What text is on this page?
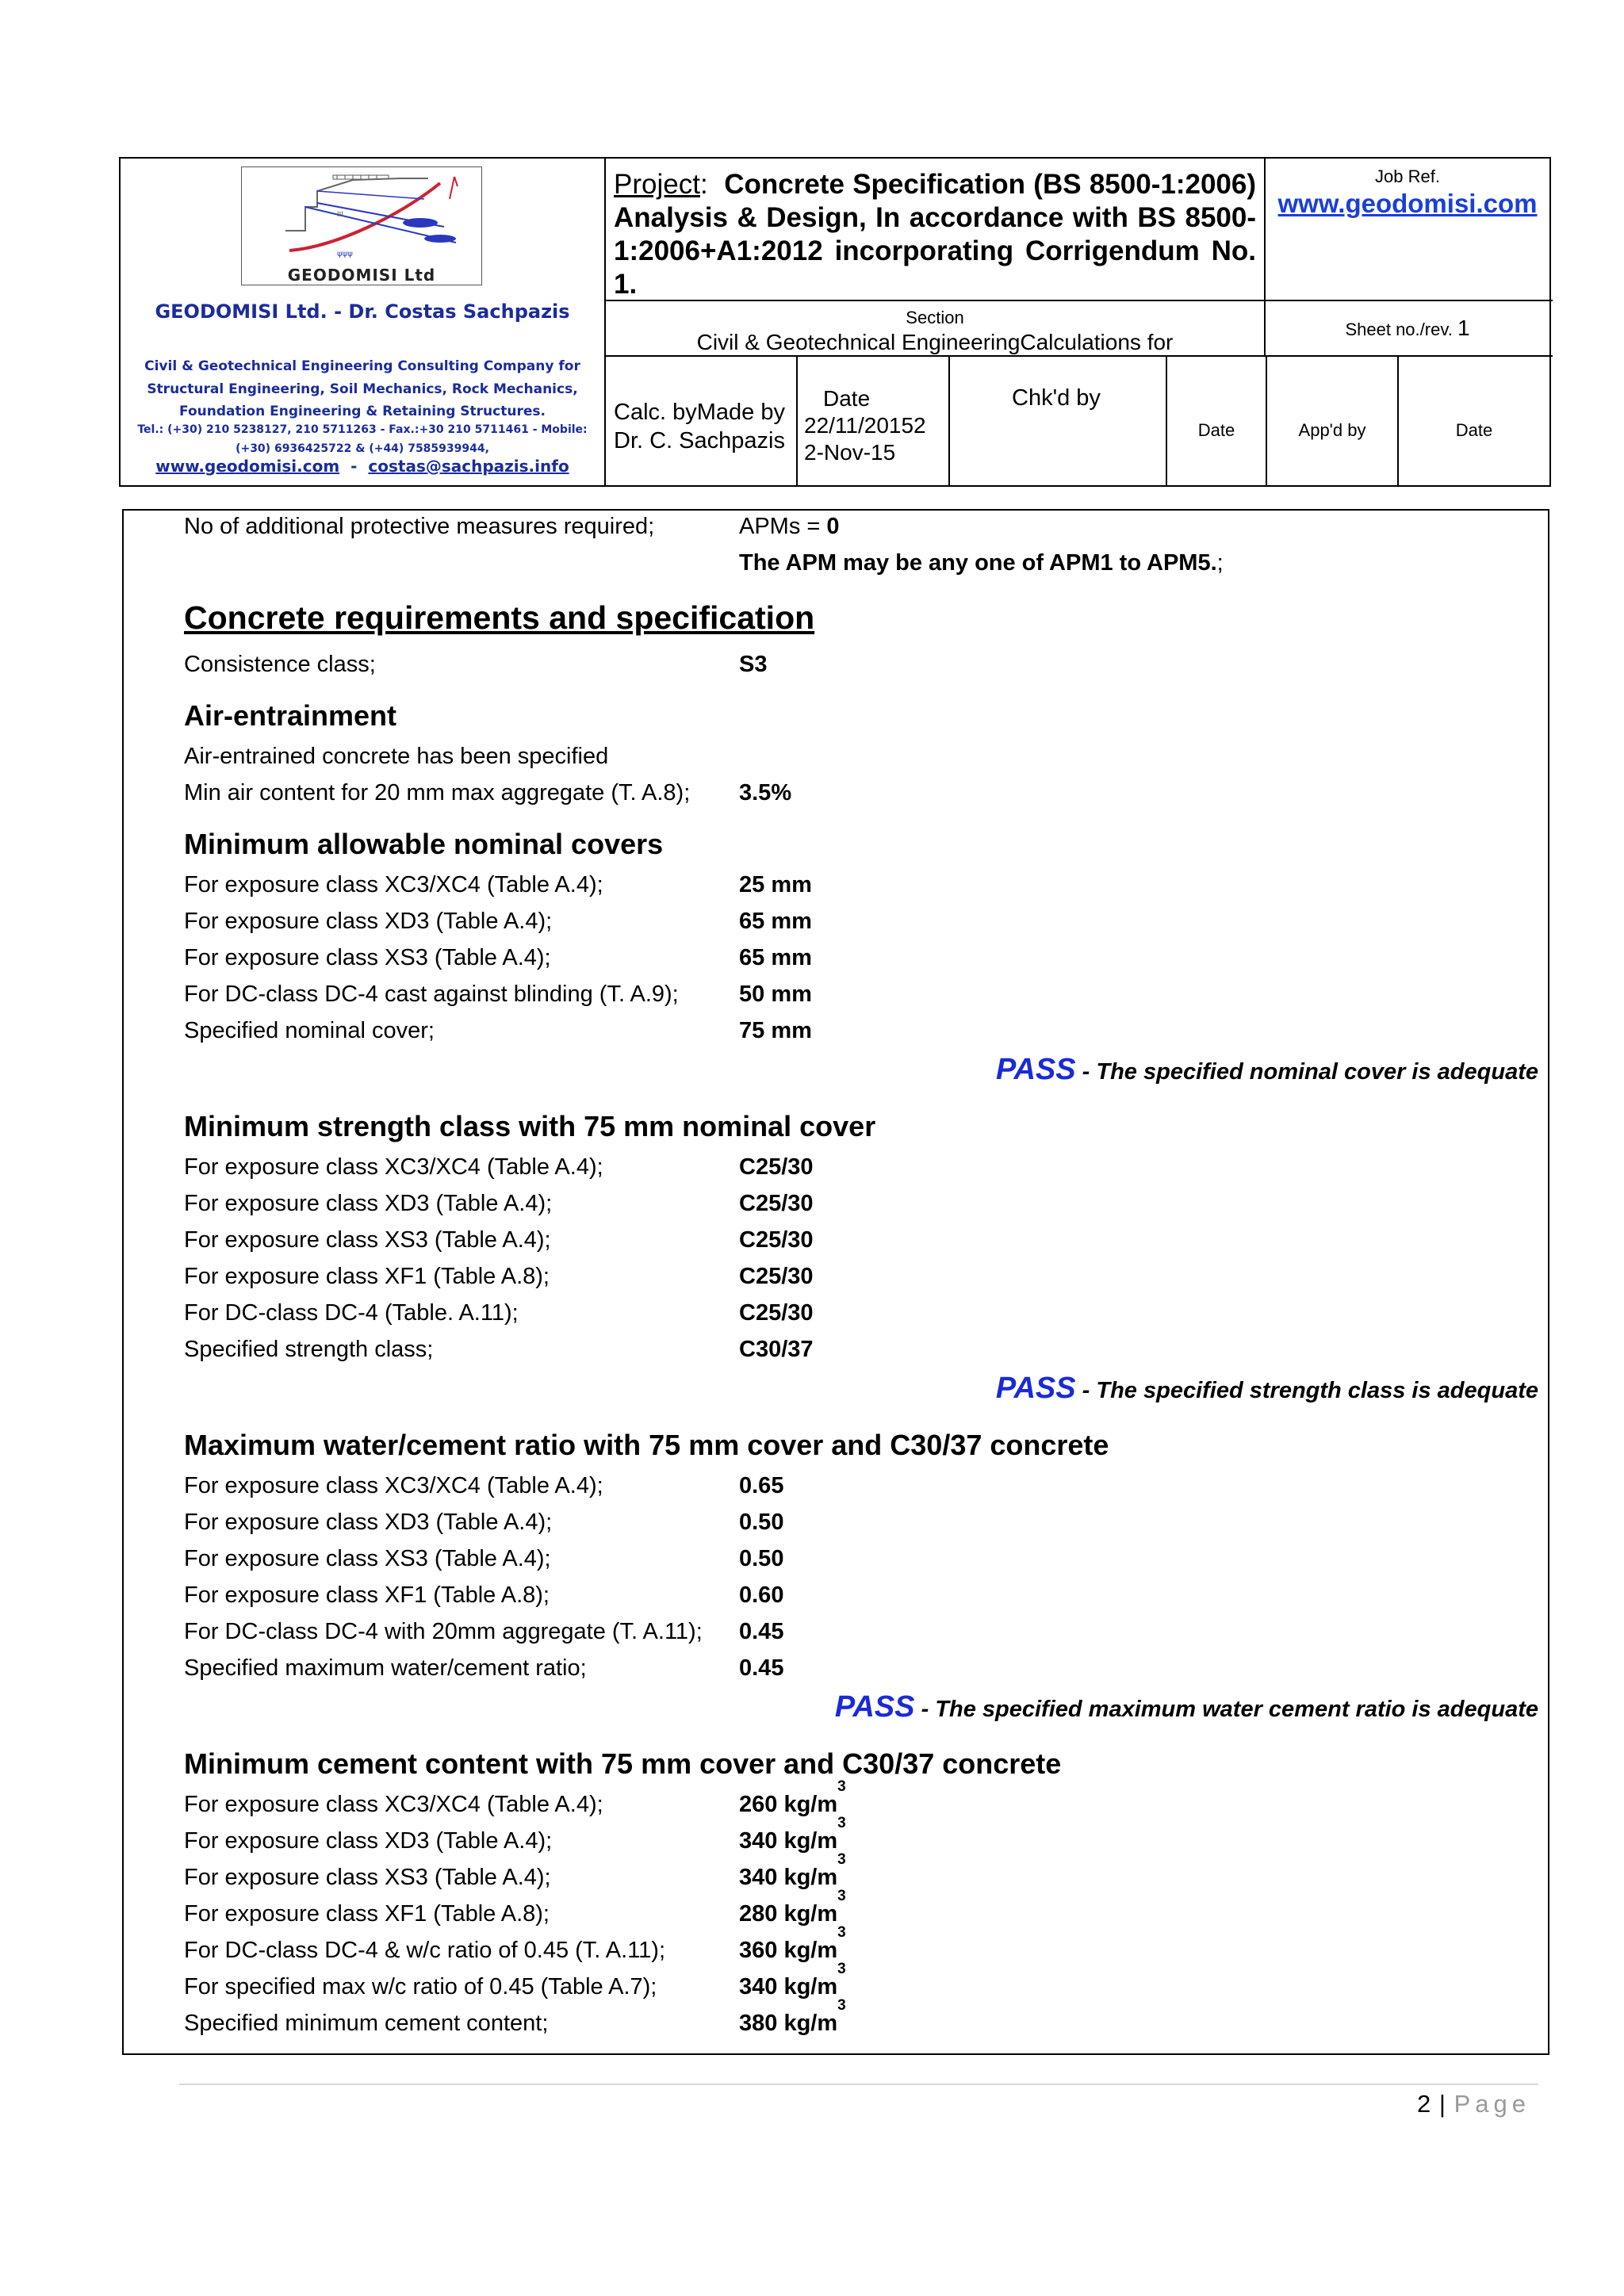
III
ψψψ
GEODOMISI Ltd
GEODOMISI Ltd. - Dr. Costas Sachpazis
Civil & Geotechnical Engineering Consulting Company for Structural Engineering, Soil Mechanics, Rock Mechanics, Foundation Engineering & Retaining Structures.
Tel.: (+30) 210 5238127, 210 5711263 - Fax.:+30 210 5711461 - Mobile: (+30) 6936425722 & (+44) 7585939944,
www.geodomisi.com - costas@sachpazis.info
Project:  Concrete Specification (BS 8500-1:2006) Analysis & Design, In accordance with BS 8500-1:2006+A1:2012 incorporating Corrigendum No. 1.
Job Ref.
www.geodomisi.com
Section
Civil & Geotechnical EngineeringCalculations for
Sheet no./rev. 1
Calc. byMade by Dr. C. Sachpazis
Date
22/11/20152
2-Nov-15
Chk'd by
Date	App'd by	Date
No of additional protective measures required;	APMs = 0
The APM may be any one of APM1 to APM5.;
Concrete requirements and specification
Consistence class;	S3
Air-entrainment
Air-entrained concrete has been specified
Min air content for 20 mm max aggregate (T. A.8); 3.5%
Minimum allowable nominal covers
For exposure class XC3/XC4 (Table A.4);	25 mm
For exposure class XD3 (Table A.4);	65 mm
For exposure class XS3 (Table A.4);	65 mm
For DC-class DC-4 cast against blinding (T. A.9);	50 mm
Specified nominal cover;	75 mm
PASS - The specified nominal cover is adequate
Minimum strength class with 75 mm nominal cover
For exposure class XC3/XC4 (Table A.4);	C25/30
For exposure class XD3 (Table A.4);	C25/30
For exposure class XS3 (Table A.4);	C25/30
For exposure class XF1 (Table A.8);	C25/30
For DC-class DC-4 (Table. A.11);	C25/30
Specified strength class;	C30/37
PASS - The specified strength class is adequate
Maximum water/cement ratio with 75 mm cover and C30/37 concrete
For exposure class XC3/XC4 (Table A.4);	0.65
For exposure class XD3 (Table A.4);	0.50
For exposure class XS3 (Table A.4);	0.50
For exposure class XF1 (Table A.8);	0.60
For DC-class DC-4 with 20mm aggregate (T. A.11); 0.45
Specified maximum water/cement ratio;	0.45
PASS - The specified maximum water cement ratio is adequate
Minimum cement content with 75 mm cover and C30/37 concrete
For exposure class XC3/XC4 (Table A.4);	260 $kg/m^3$
For exposure class XD3 (Table A.4);	340 $kg/m^3$
For exposure class XS3 (Table A.4);	340 $kg/m^3$
For exposure class XF1 (Table A.8);	280 $kg/m^3$
For DC-class DC-4 & w/c ratio of 0.45 (T. A.11);	360 $kg/m^3$
For specified max w/c ratio of 0.45 (Table A.7);	340 $kg/m^3$
Specified minimum cement content;	380 $kg/m^3$
2 | Page
